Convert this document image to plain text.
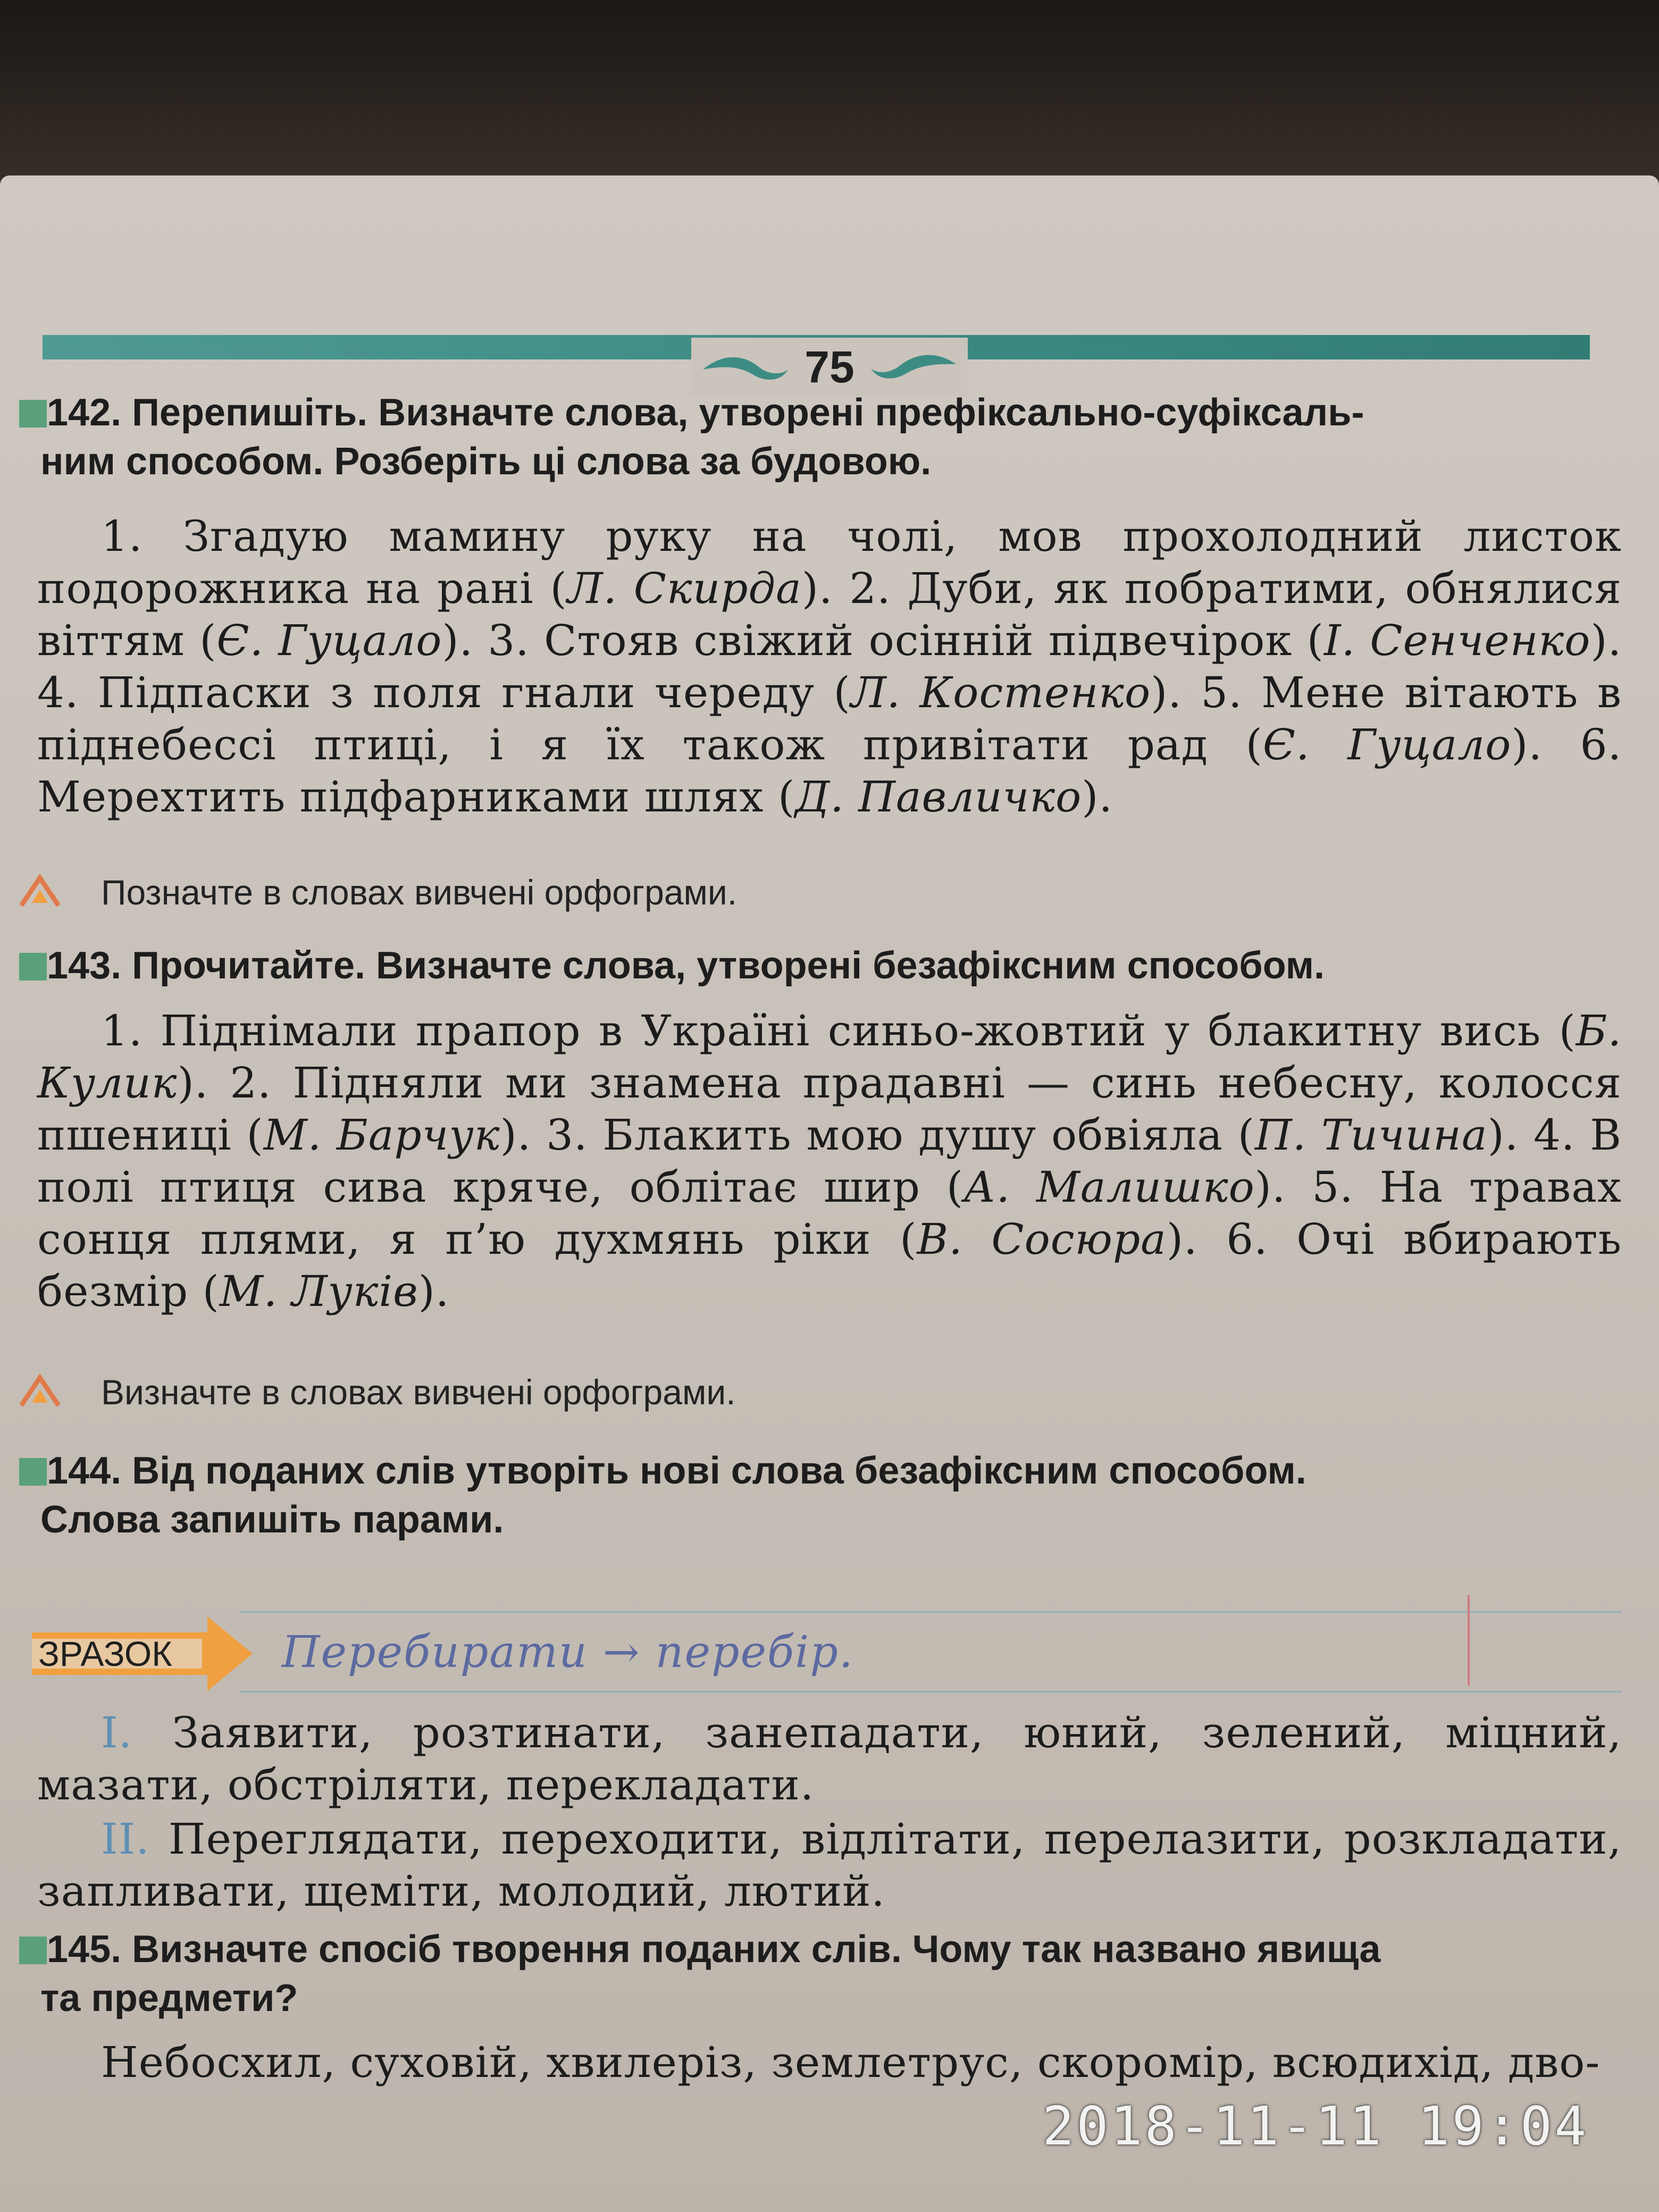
75
142. Перепишіть. Визначте слова, утворені префіксально-суфіксаль-
ним способом. Розберіть ці слова за будовою.
1. Згадую мамину руку на чолі, мов прохолодний листок подорожника на рані (Л. Скирда). 2. Дуби, як побратими, обнялися віттям (Є. Гуцало). 3. Стояв свіжий осінній підвечірок (І. Сенченко). 4. Підпаски з поля гнали череду (Л. Костенко). 5. Мене вітають в піднебессі птиці, і я їх також привітати рад (Є. Гуцало). 6. Мерехтить підфарниками шлях (Д. Павличко).
Позначте в словах вивчені орфограми.
143. Прочитайте. Визначте слова, утворені безафіксним способом.
1. Піднімали прапор в Україні синьо-жовтий у блакитну вись (Б. Кулик). 2. Підняли ми знамена прадавні — синь небесну, колосся пшениці (М. Барчук). 3. Блакить мою душу обвіяла (П. Тичина). 4. В полі птиця сива кряче, облітає шир (А. Малишко). 5. На травах сонця плями, я п’ю духмянь ріки (В. Сосюра). 6. Очі вбирають безмір (М. Луків).
Визначте в словах вивчені орфограми.
144. Від поданих слів утворіть нові слова безафіксним способом.
Слова запишіть парами.
ЗРАЗОК	Перебирати → перебір.
I. Заявити, розтинати, занепадати, юний, зелений, міцний, мазати, обстріляти, перекладати.
II. Переглядати, переходити, відлітати, перелазити, розкладати, запливати, щеміти, молодий, лютий.
145. Визначте спосіб творення поданих слів. Чому так названо явища
та предмети?
Небосхил, суховій, хвилеріз, землетрус, скоромір, всюдихід, дво-
2018-11-11 19:04
